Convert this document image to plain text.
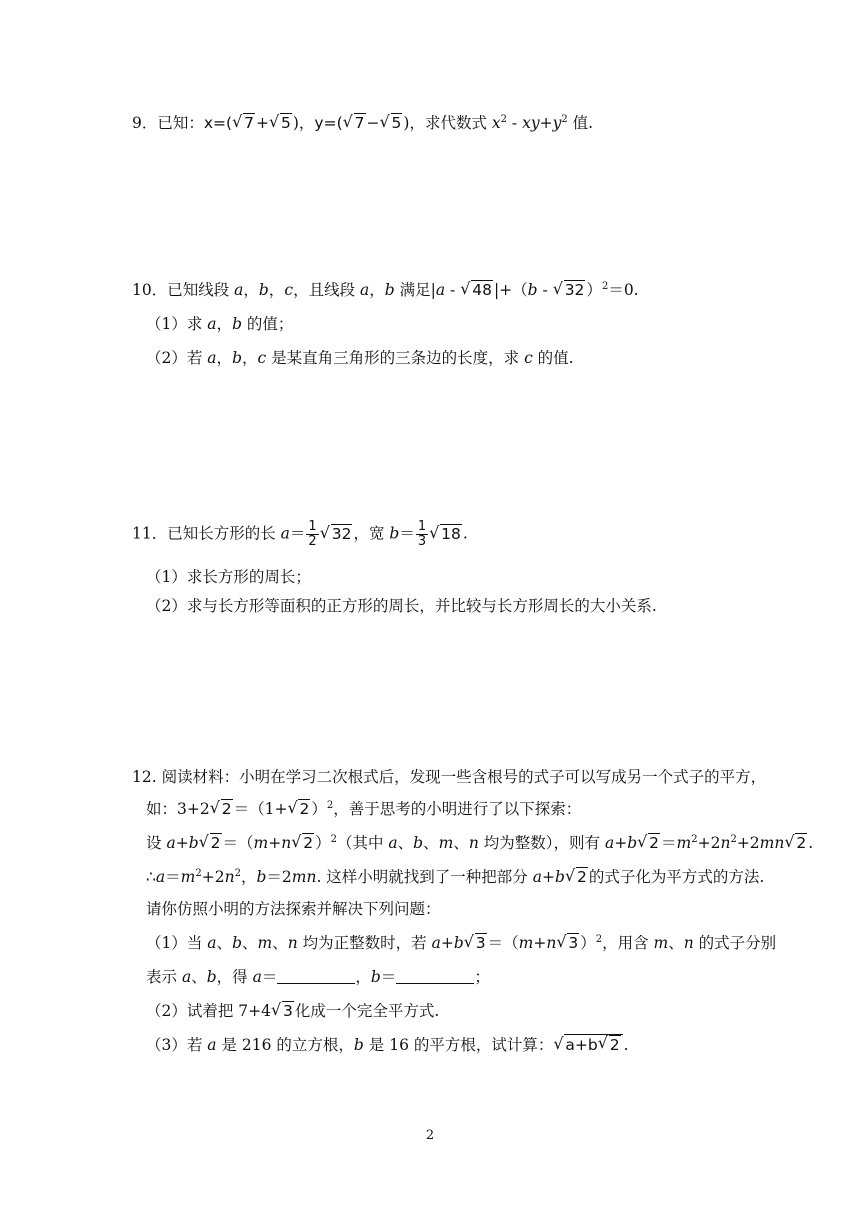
9．已知：x=(√ 7 +√ 5 )，y=(√ 7 −√ 5 )，求代数式 $x^2 - xy+y^2$ 值.
10．已知线段 a，b，c，且线段 a，b 满足|a - √ 48 |+（b - √ 32 ）$^2$＝0.
（1）求 a，b 的值；
（2）若 a，b，c 是某直角三角形的三条边的长度，求 c 的值.
11．已知长方形的长 $a= \frac{1}{2}$
√ 32 ，宽 $b= \frac{1}{3}$
√ 18 .
（1）求长方形的周长；
（2）求与长方形等面积的正方形的周长，并比较与长方形周长的大小关系.
12. 阅读材料：小明在学习二次根式后，发现一些含根号的式子可以写成另一个式子的平方，
如：3+2√ 2 ＝（1+√ 2 ）$^2$，善于思考的小明进行了以下探索：
设 a+b√ 2 ＝（m+n√ 2 ）$^2$（其中 a、b、m、n 均为整数），则有 a+b√ $2 =m^2+2n^2+2mn√$ 2 .
$\therefore a=m^2+2n^2$，b＝2mn. 这样小明就找到了一种把部分 a+b√ 2 的式子化为平方式的方法.
请你仿照小明的方法探索并解决下列问题：
（1）当 a、b、m、n 均为正整数时，若 a+b√ 3 ＝（m+n√ 3 ）$^2$，用含 m、n 的式子分别
表示 a、b，得 a＝	，b＝	；
（2）试着把 7+4√ 3 化成一个完全平方式.
（3）若 a 是 216 的立方根，b 是 16 的平方根，试计算：√ a+b√ 2 .
2
